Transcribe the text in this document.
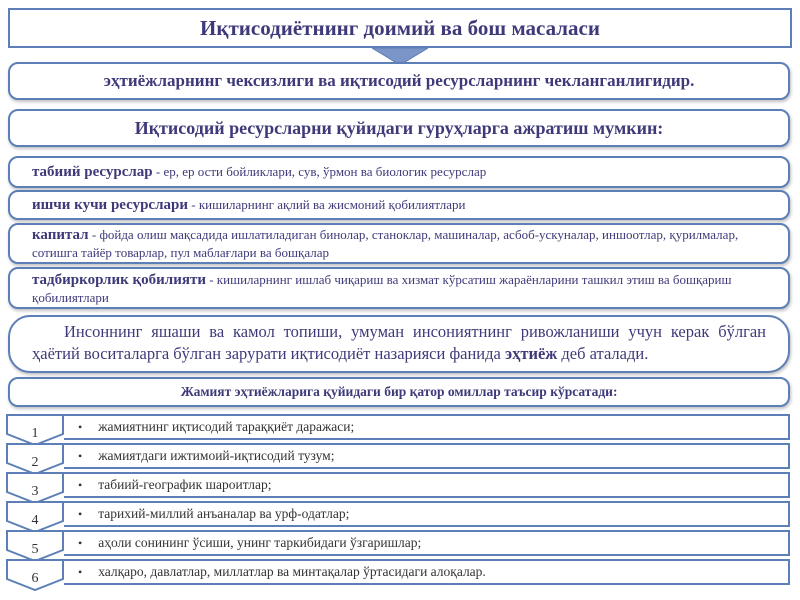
Иқтисодиётнинг доимий ва бош масаласи
эҳтиёжларнинг чексизлиги ва иқтисодий ресурсларнинг чекланганлигидир.
Иқтисодий ресурсларни қуйидаги гуруҳларга ажратиш мумкин:
табиий ресурслар - ер, ер ости бойликлари, сув, ўрмон ва биологик ресурслар
ишчи кучи ресурслари - кишиларнинг ақлий ва жисмоний қобилиятлари
капитал - фойда олиш мақсадида ишлатиладиган бинолар, станоклар, машиналар, асбоб-ускуналар, иншоотлар, қурилмалар, сотишга тайёр товарлар, пул маблағлари ва бошқалар
тадбиркорлик қобилияти - кишиларнинг ишлаб чиқариш ва хизмат кўрсатиш жараёнларини ташкил этиш ва бошқариш қобилиятлари
Инсоннинг яшаши ва камол топиши, умуман инсониятнинг ривожланиши учун керак бўлган ҳаётий воситаларга бўлган зарурати иқтисодиёт назарияси фанида эҳтиёж деб аталади.
Жамият эҳтиёжларига қуйидаги бир қатор омиллар таъсир кўрсатади:
1	• жамиятнинг иқтисодий тараққиёт даражаси;
2	• жамиятдаги ижтимоий-иқтисодий тузум;
3	• табиий-географик шароитлар;
4	• тарихий-миллий анъаналар ва урф-одатлар;
5	• аҳоли сонининг ўсиши, унинг таркибидаги ўзгаришлар;
6	• халқаро, давлатлар, миллатлар ва минтақалар ўртасидаги алоқалар.
